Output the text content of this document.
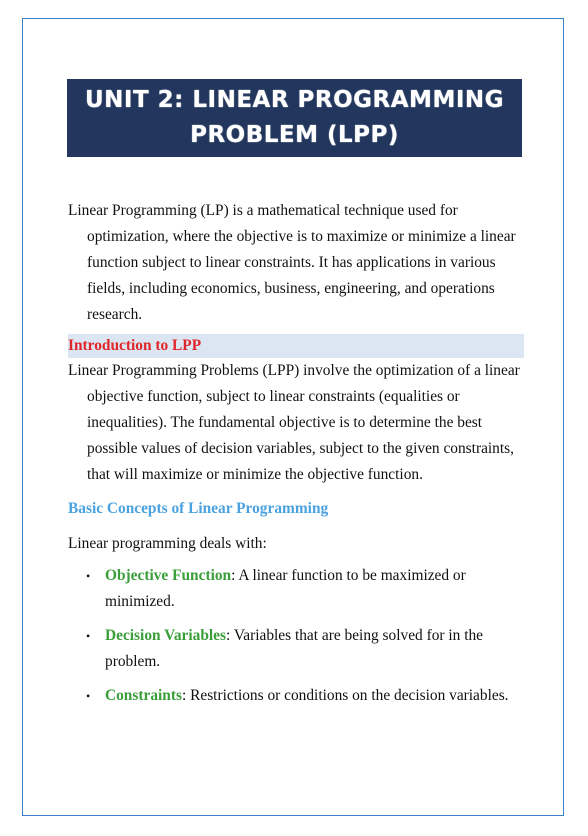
UNIT 2: LINEAR PROGRAMMING PROBLEM (LPP)

Linear Programming (LP) is a mathematical technique used for optimization, where the objective is to maximize or minimize a linear function subject to linear constraints. It has applications in various fields, including economics, business, engineering, and operations research.

Introduction to LPP

Linear Programming Problems (LPP) involve the optimization of a linear objective function, subject to linear constraints (equalities or inequalities). The fundamental objective is to determine the best possible values of decision variables, subject to the given constraints, that will maximize or minimize the objective function.

Basic Concepts of Linear Programming

Linear programming deals with:

• Objective Function: A linear function to be maximized or minimized.
• Decision Variables: Variables that are being solved for in the problem.
• Constraints: Restrictions or conditions on the decision variables.
